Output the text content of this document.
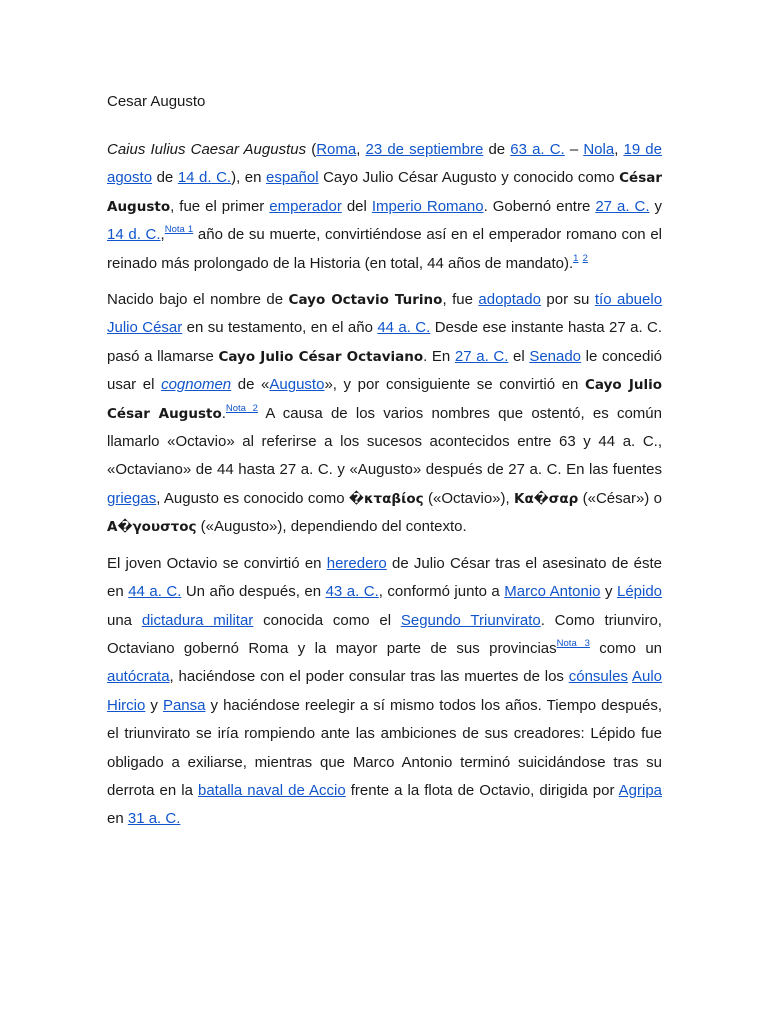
Cesar Augusto

Caius Iulius Caesar Augustus (Roma, 23 de septiembre de 63 a. C. – Nola, 19 de agosto de 14 d. C.), en español Cayo Julio César Augusto y conocido como César Augusto, fue el primer emperador del Imperio Romano. Gobernó entre 27 a. C. y 14 d. C.,$^{Nota 1}$ año de su muerte, convirtiéndose así en el emperador romano con el reinado más prolongado de la Historia (en total, 44 años de mandato).$^1$ $^2$

Nacido bajo el nombre de Cayo Octavio Turino, fue adoptado por su tío abuelo Julio César en su testamento, en el año 44 a. C. Desde ese instante hasta 27 a. C. pasó a llamarse Cayo Julio César Octaviano. En 27 a. C. el Senado le concedió usar el cognomen de «Augusto», y por consiguiente se convirtió en Cayo Julio César Augusto.$^{Nota 2}$ A causa de los varios nombres que ostentó, es común llamarlo «Octavio» al referirse a los sucesos acontecidos entre 63 y 44 a. C., «Octaviano» de 44 hasta 27 a. C. y «Augusto» después de 27 a. C. En las fuentes griegas, Augusto es conocido como �κταβίος («Octavio»), Κα�σαρ («César») o Α�γουστος («Augusto»), dependiendo del contexto.

El joven Octavio se convirtió en heredero de Julio César tras el asesinato de éste en 44 a. C. Un año después, en 43 a. C., conformó junto a Marco Antonio y Lépido una dictadura militar conocida como el Segundo Triunvirato. Como triunviro, Octaviano gobernó Roma y la mayor parte de sus provincias$^{Nota 3}$ como un autócrata, haciéndose con el poder consular tras las muertes de los cónsules Aulo Hircio y Pansa y haciéndose reelegir a sí mismo todos los años. Tiempo después, el triunvirato se iría rompiendo ante las ambiciones de sus creadores: Lépido fue obligado a exiliarse, mientras que Marco Antonio terminó suicidándose tras su derrota en la batalla naval de Accio frente a la flota de Octavio, dirigida por Agripa en 31 a. C.
